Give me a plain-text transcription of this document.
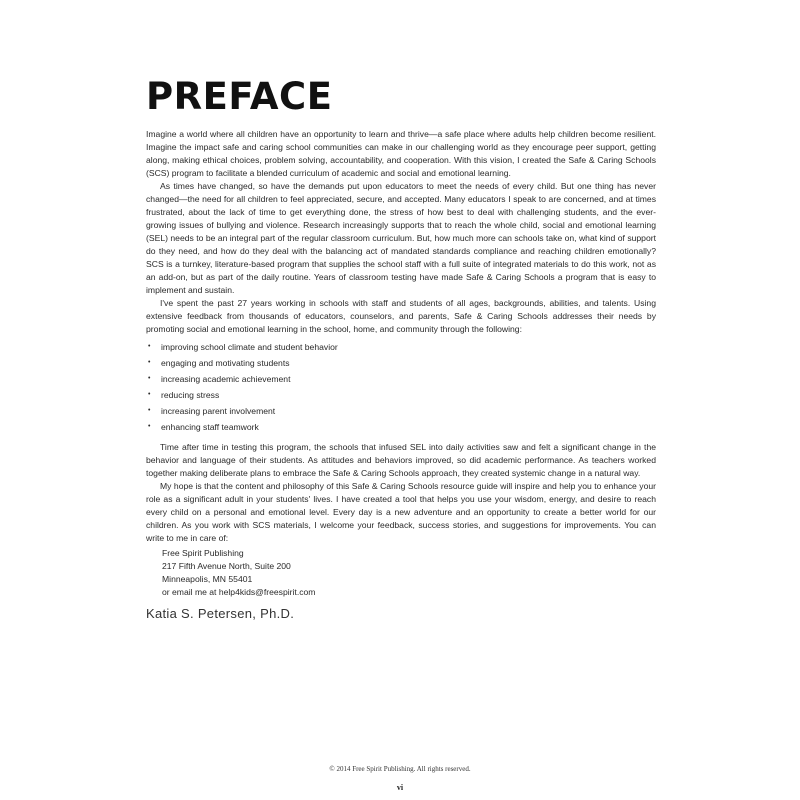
PREFACE

Imagine a world where all children have an opportunity to learn and thrive—a safe place where adults help children become resilient. Imagine the impact safe and caring school communities can make in our challenging world as they encourage peer support, getting along, making ethical choices, problem solving, accountability, and cooperation. With this vision, I created the Safe & Caring Schools (SCS) program to facilitate a blended curriculum of academic and social and emotional learning.

As times have changed, so have the demands put upon educators to meet the needs of every child. But one thing has never changed—the need for all children to feel appreciated, secure, and accepted. Many educators I speak to are concerned, and at times frustrated, about the lack of time to get everything done, the stress of how best to deal with challenging students, and the ever-growing issues of bullying and violence. Research increasingly supports that to reach the whole child, social and emotional learning (SEL) needs to be an integral part of the regular classroom curriculum. But, how much more can schools take on, what kind of support do they need, and how do they deal with the balancing act of mandated standards compliance and reaching children emotionally? SCS is a turnkey, literature-based program that supplies the school staff with a full suite of integrated materials to do this work, not as an add-on, but as part of the daily routine. Years of classroom testing have made Safe & Caring Schools a program that is easy to implement and sustain.

I've spent the past 27 years working in schools with staff and students of all ages, backgrounds, abilities, and talents. Using extensive feedback from thousands of educators, counselors, and parents, Safe & Caring Schools addresses their needs by promoting social and emotional learning in the school, home, and community through the following:

• improving school climate and student behavior
• engaging and motivating students
• increasing academic achievement
• reducing stress
• increasing parent involvement
• enhancing staff teamwork

Time after time in testing this program, the schools that infused SEL into daily activities saw and felt a significant change in the behavior and language of their students. As attitudes and behaviors improved, so did academic performance. As teachers worked together making deliberate plans to embrace the Safe & Caring Schools approach, they created systemic change in a natural way.

My hope is that the content and philosophy of this Safe & Caring Schools resource guide will inspire and help you to enhance your role as a significant adult in your students' lives. I have created a tool that helps you use your wisdom, energy, and desire to reach every child on a personal and emotional level. Every day is a new adventure and an opportunity to create a better world for our children. As you work with SCS materials, I welcome your feedback, success stories, and suggestions for improvements. You can write to me in care of:

Free Spirit Publishing
217 Fifth Avenue North, Suite 200
Minneapolis, MN 55401
or email me at help4kids@freespirit.com
Katia S. Petersen, Ph.D.
© 2014 Free Spirit Publishing. All rights reserved.
vi
